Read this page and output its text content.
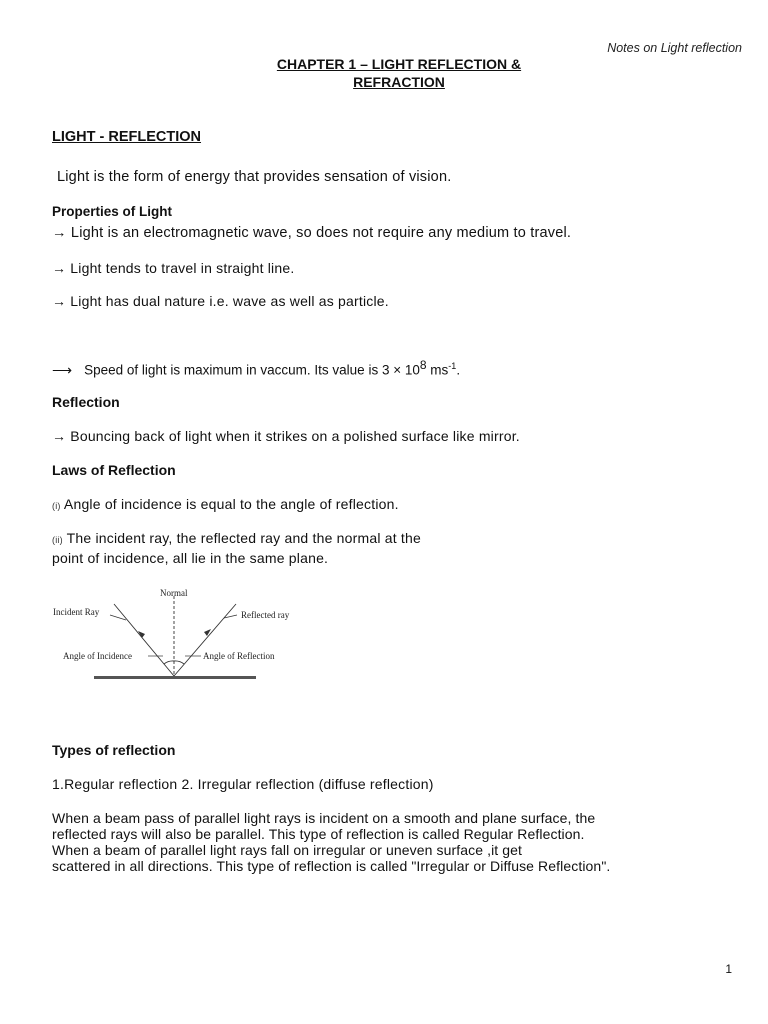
Notes on Light reflection
CHAPTER 1 – LIGHT REFLECTION &
REFRACTION
LIGHT - REFLECTION
Light is the form of energy that provides sensation of vision.
Properties of Light
→ Light is an electromagnetic wave, so does not require any medium to travel.
→ Light tends to travel in straight line.
→ Light has dual nature i.e. wave as well as particle.
⟶ Speed of light is maximum in vaccum. Its value is $3 \times 10^8$ $ms^{-1}$.
Reflection
→ Bouncing back of light when it strikes on a polished surface like mirror.
Laws of Reflection
(i) Angle of incidence is equal to the angle of reflection.
(ii) The incident ray, the reflected ray and the normal at the
point of incidence, all lie in the same plane.
Normal
Incident Ray	Reflected ray
Angle of Incidence	Angle of Reflection
Types of reflection
1.Regular reflection 2. Irregular reflection (diffuse reflection)
When a beam pass of parallel light rays is incident on a smooth and plane surface, the
reflected rays will also be parallel. This type of reflection is called Regular Reflection.
When a beam of parallel light rays fall on irregular or uneven surface ,it get
scattered in all directions. This type of reflection is called "Irregular or Diffuse Reflection".
1
